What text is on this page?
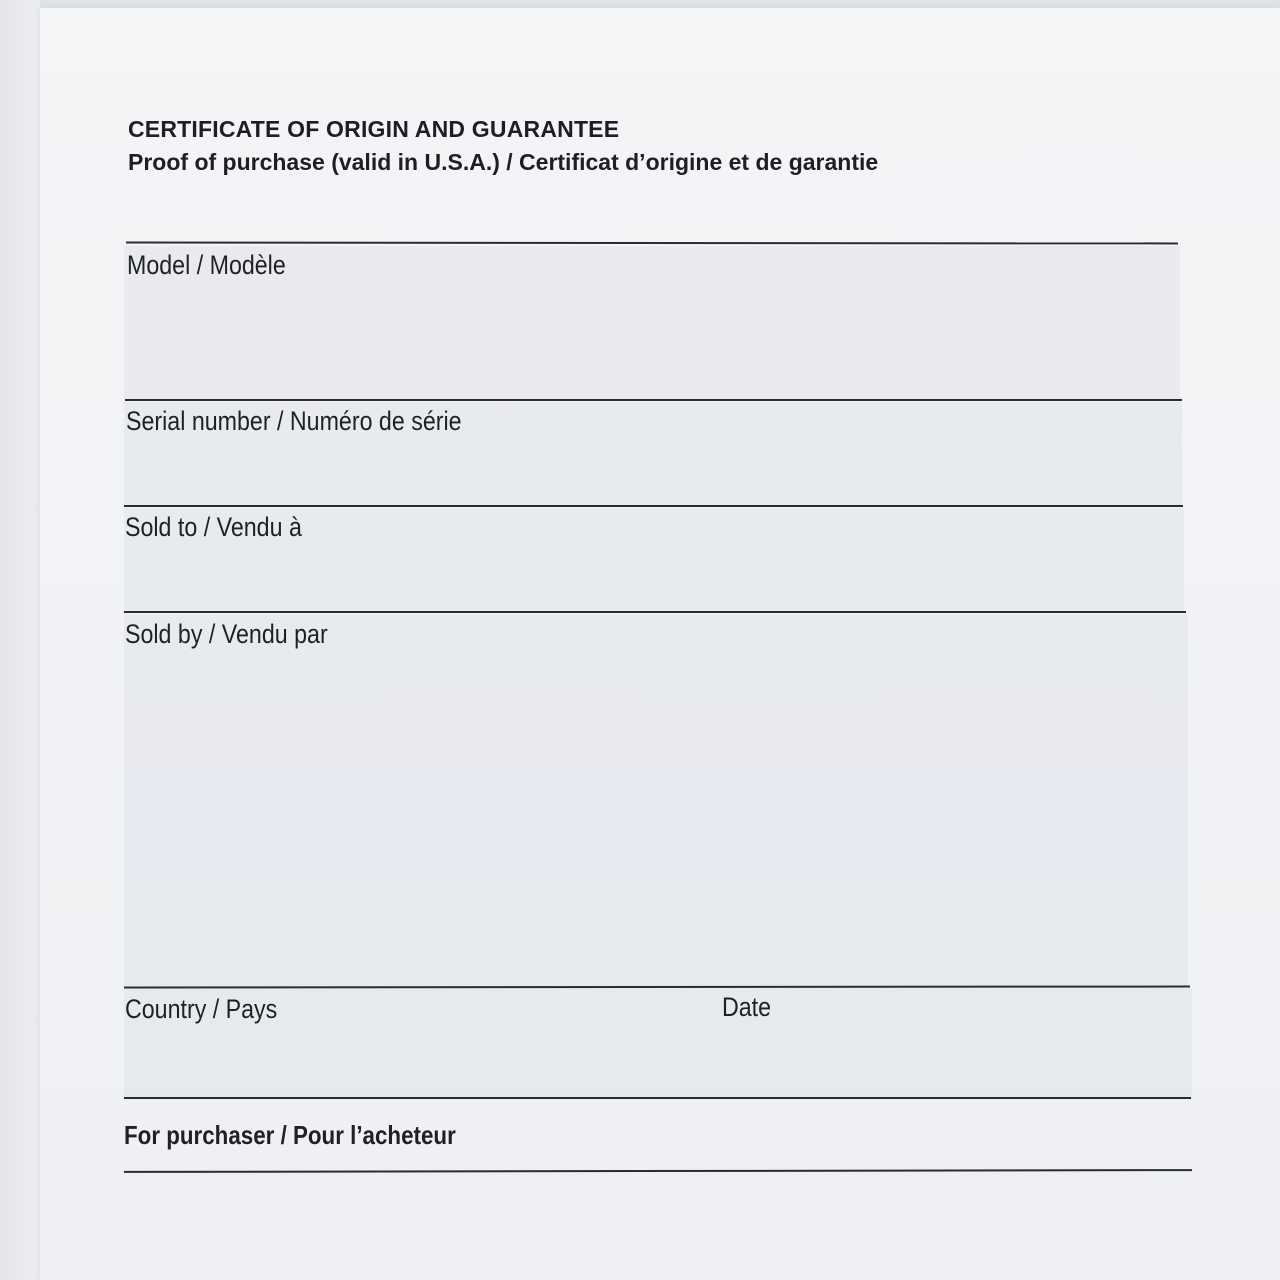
CERTIFICATE OF ORIGIN AND GUARANTEE
Proof of purchase (valid in U.S.A.) / Certificat d’origine et de garantie
Model / Modèle
Serial number / Numéro de série
Sold to / Vendu à
Sold by / Vendu par
Country / Pays	Date
For purchaser / Pour l’acheteur
